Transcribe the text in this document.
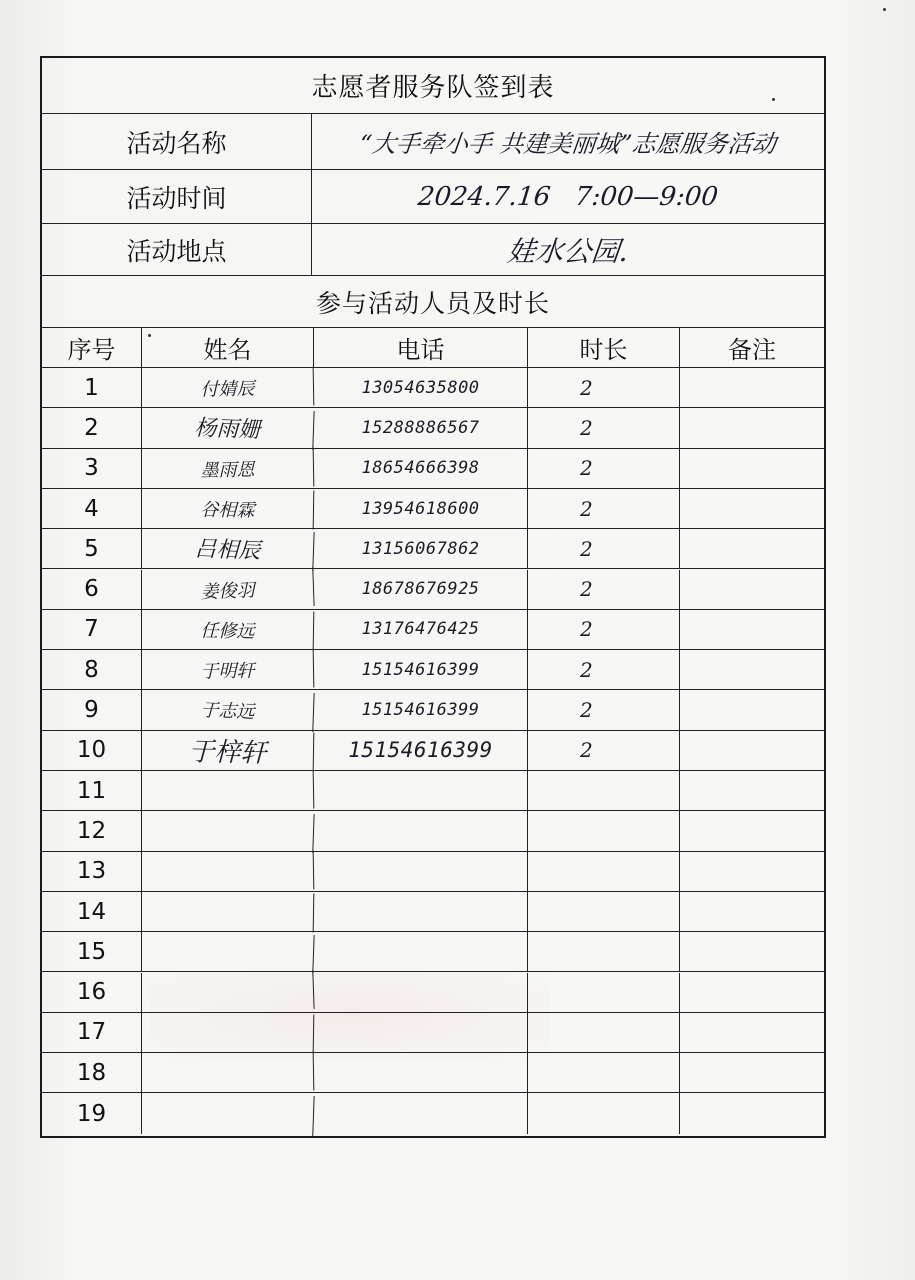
志愿者服务队签到表
活动名称	“大手牵小手 共建美丽城”志愿服务活动
活动时间	2024.7.16   7:00—9:00
活动地点	娃水公园.
参与活动人员及时长
序号	姓名	电话	时长	备注
1	付婧辰	13054635800	2
2	杨雨姗	15288886567	2
3	墨雨恩	18654666398	2
4	谷相霖	13954618600	2
5	吕相辰	13156067862	2
6	姜俊羽	18678676925	2
7	任修远	13176476425	2
8	于明轩	15154616399	2
9	于志远	15154616399	2
10	于梓轩	15154616399	2
11
12
13
14
15
16
17
18
19
